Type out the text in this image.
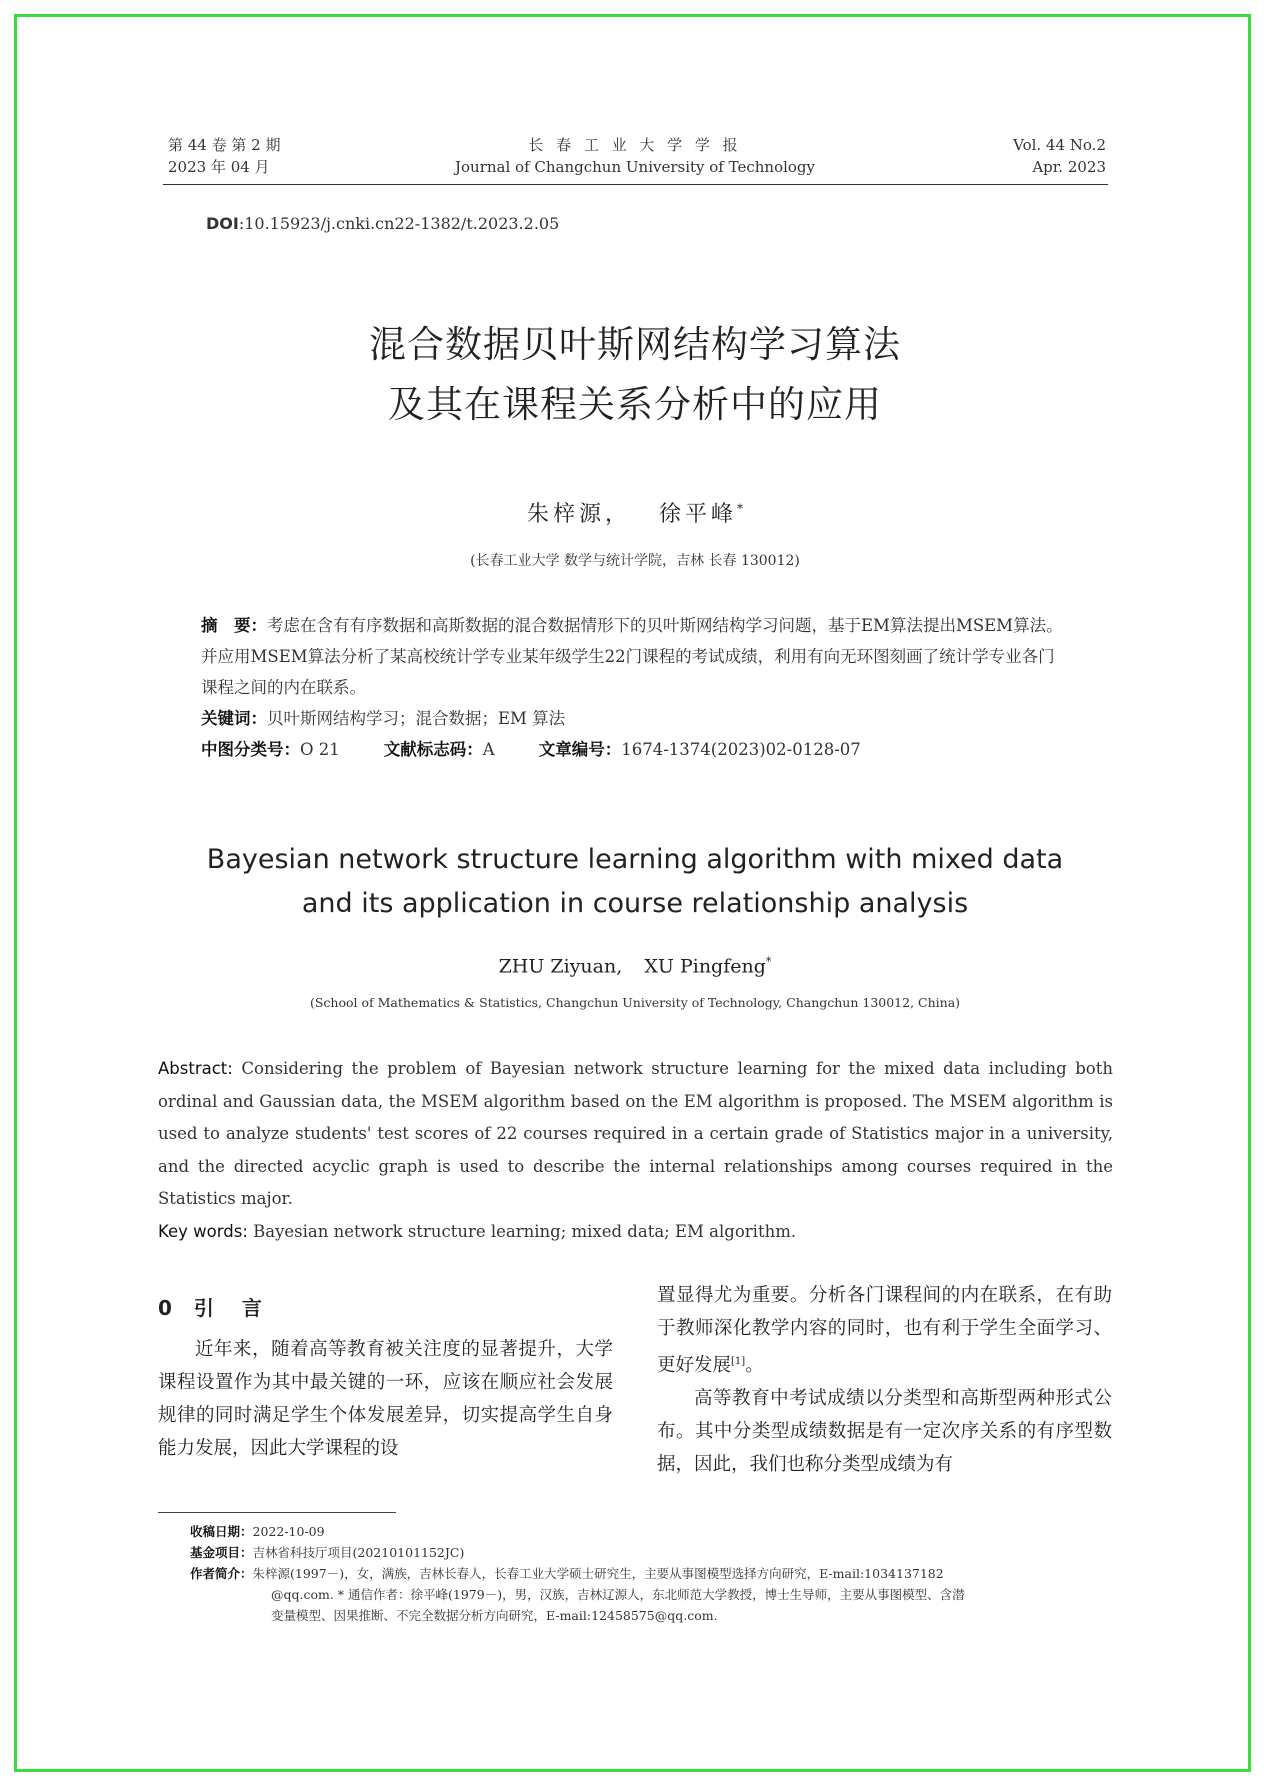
第 44 卷 第 2 期
2023 年 04 月
长 春 工 业 大 学 学 报
Journal of Changchun University of Technology
Vol. 44 No.2
Apr. 2023
DOI:10.15923/j.cnki.cn22-1382/t.2023.2.05
混合数据贝叶斯网结构学习算法
及其在课程关系分析中的应用
朱梓源， 徐平峰*
(长春工业大学 数学与统计学院，吉林 长春 130012)

摘　要：考虑在含有有序数据和高斯数据的混合数据情形下的贝叶斯网结构学习问题，基于EM算法提出MSEM算法。并应用MSEM算法分析了某高校统计学专业某年级学生22门课程的考试成绩，利用有向无环图刻画了统计学专业各门课程之间的内在联系。

关键词：贝叶斯网结构学习；混合数据；EM 算法

中图分类号：O 21	文献标志码：A	文章编号：1674-1374(2023)02-0128-07

Bayesian network structure learning algorithm with mixed data
and its application in course relationship analysis
ZHU Ziyuan, XU Pingfeng*
(School of Mathematics & Statistics, Changchun University of Technology, Changchun 130012, China)

Abstract: Considering the problem of Bayesian network structure learning for the mixed data including both ordinal and Gaussian data, the MSEM algorithm based on the EM algorithm is proposed. The MSEM algorithm is used to analyze students' test scores of 22 courses required in a certain grade of Statistics major in a university, and the directed acyclic graph is used to describe the internal relationships among courses required in the Statistics major.

Key words: Bayesian network structure learning; mixed data; EM algorithm.

0 引 言

近年来，随着高等教育被关注度的显著提升，大学课程设置作为其中最关键的一环，应该在顺应社会发展规律的同时满足学生个体发展差异，切实提高学生自身能力发展，因此大学课程的设

置显得尤为重要。分析各门课程间的内在联系，在有助于教师深化教学内容的同时，也有利于学生全面学习、更好发展[1]。

高等教育中考试成绩以分类型和高斯型两种形式公布。其中分类型成绩数据是有一定次序关系的有序型数据，因此，我们也称分类型成绩为有

收稿日期：2022-10-09

基金项目：吉林省科技厅项目(20210101152JC)

作者简介：朱梓源(1997－)，女，满族，吉林长春人，长春工业大学硕士研究生，主要从事图模型选择方向研究，E-mail:1034137182

@qq.com. * 通信作者：徐平峰(1979－)，男，汉族，吉林辽源人，东北师范大学教授，博士生导师，主要从事图模型、含潜

变量模型、因果推断、不完全数据分析方向研究，E-mail:12458575@qq.com.
